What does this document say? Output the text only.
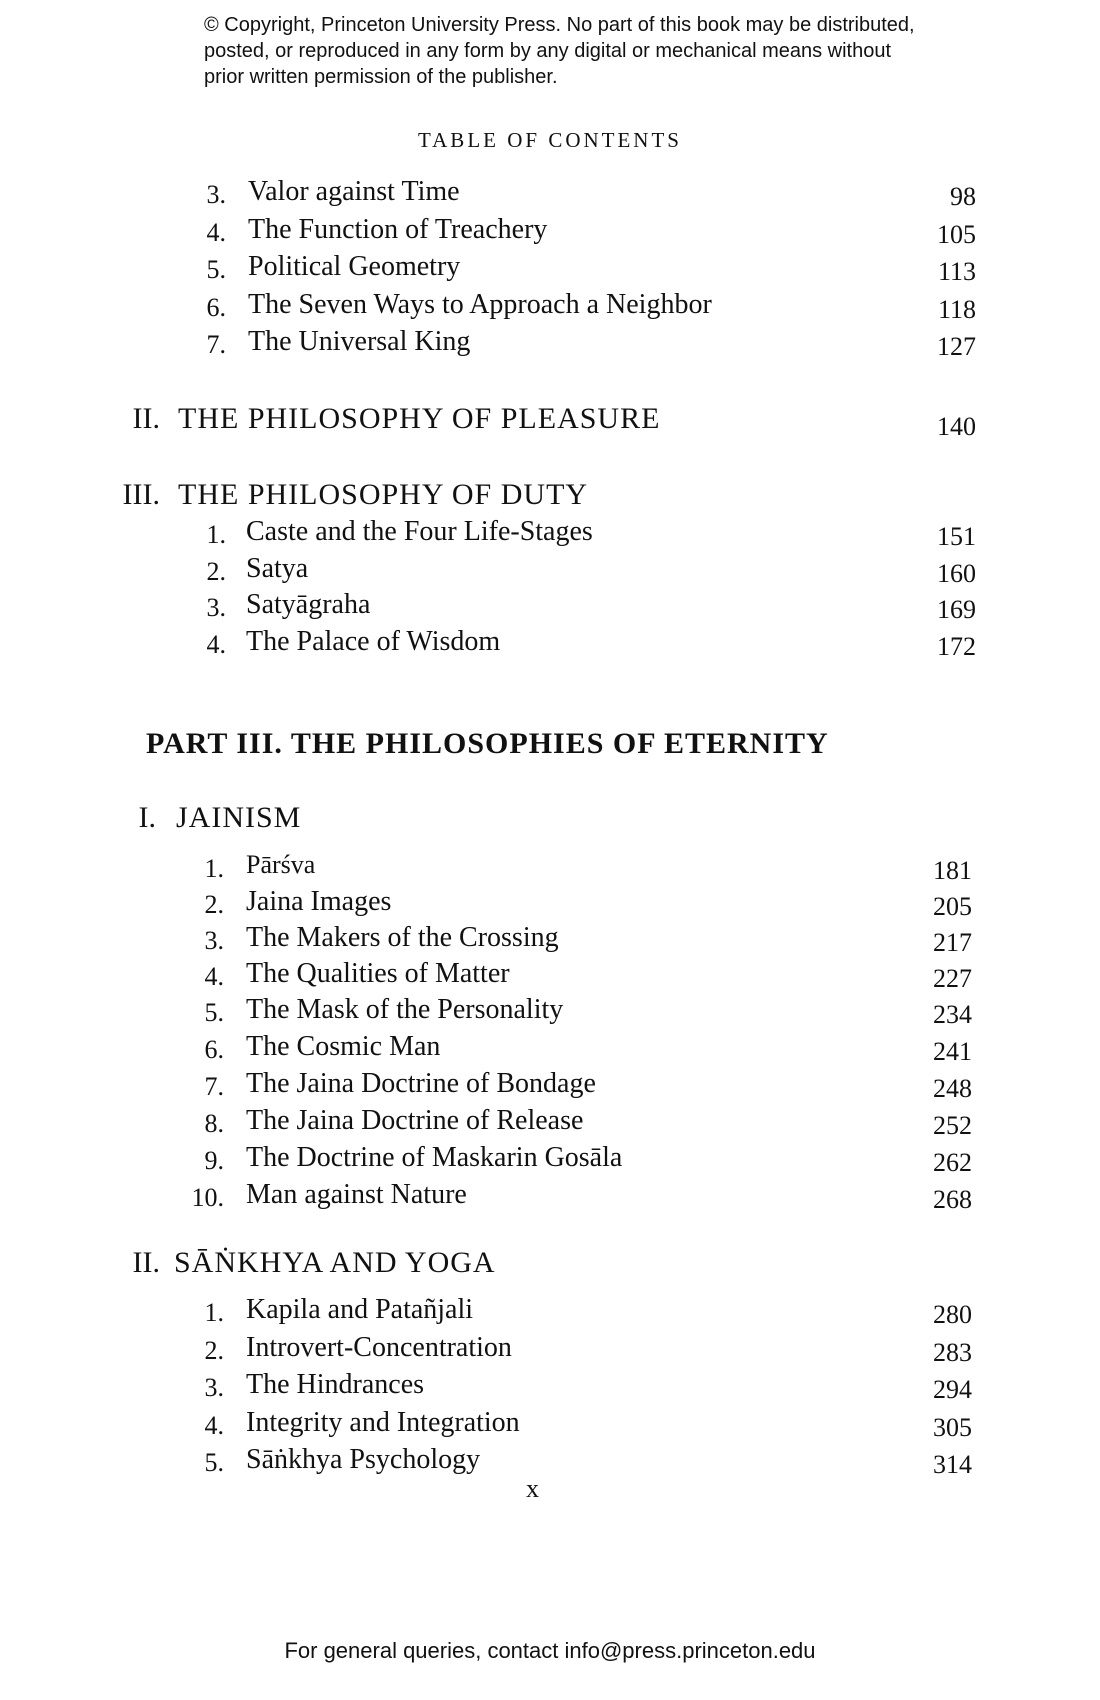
© Copyright, Princeton University Press. No part of this book may be distributed, posted, or reproduced in any form by any digital or mechanical means without prior written permission of the publisher.
TABLE OF CONTENTS
3. Valor against Time	98
4. The Function of Treachery	105
5. Political Geometry	113
6. The Seven Ways to Approach a Neighbor	118
7. The Universal King	127
II. THE PHILOSOPHY OF PLEASURE	140
III. THE PHILOSOPHY OF DUTY
1. Caste and the Four Life-Stages	151
2. Satya	160
3. Satyāgraha	169
4. The Palace of Wisdom	172
PART III. THE PHILOSOPHIES OF ETERNITY
I. JAINISM
1. Pārśva	181
2. Jaina Images	205
3. The Makers of the Crossing	217
4. The Qualities of Matter	227
5. The Mask of the Personality	234
6. The Cosmic Man	241
7. The Jaina Doctrine of Bondage	248
8. The Jaina Doctrine of Release	252
9. The Doctrine of Maskarin Gosāla	262
10. Man against Nature	268
II. SĀṄKHYA AND YOGA
1. Kapila and Patañjali	280
2. Introvert-Concentration	283
3. The Hindrances	294
4. Integrity and Integration	305
5. Sāṅkhya Psychology	314
x
For general queries, contact info@press.princeton.edu
